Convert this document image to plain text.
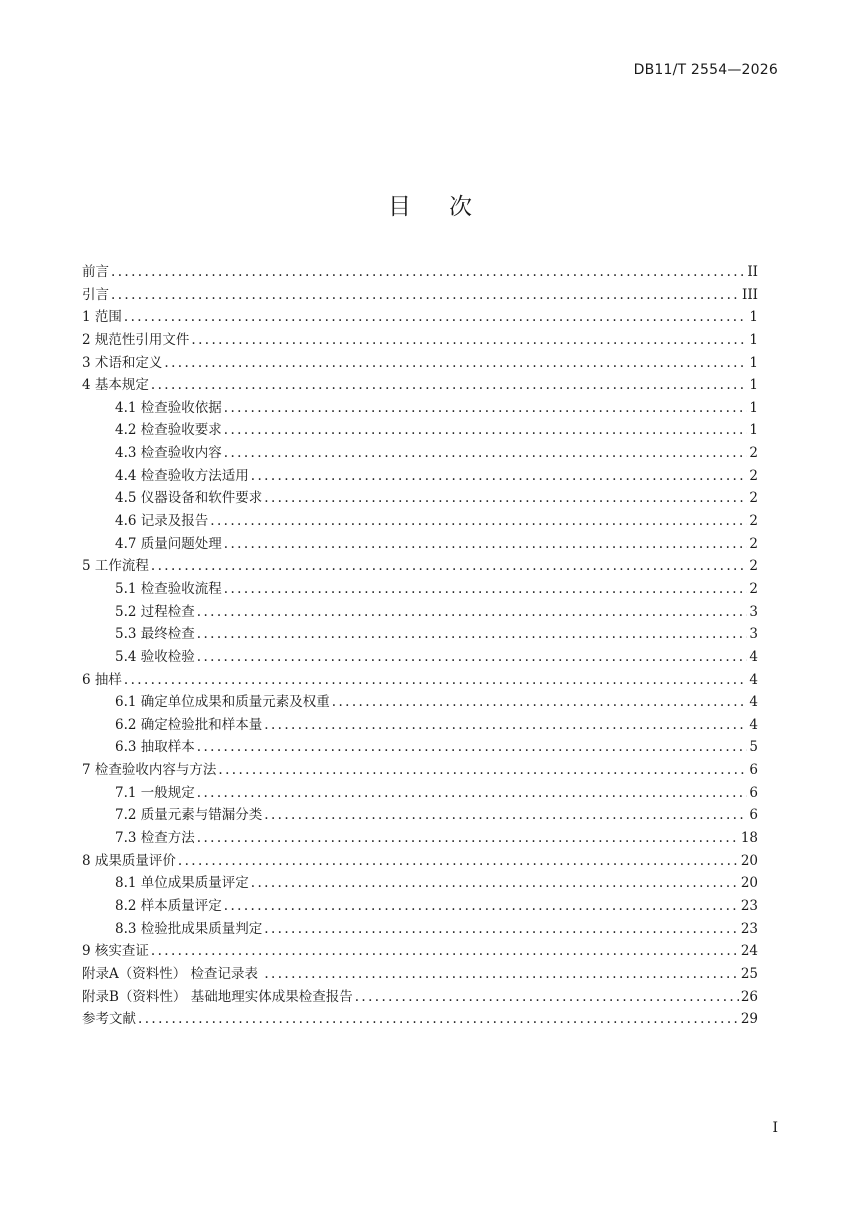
DB11/T 2554—2026
目次
前言 .....	II
引言 .....	III
1 范围 .....	1
2 规范性引用文件 .....	1
3 术语和定义 .....	1
4 基本规定 .....	1
4.1 检查验收依据 .....	1
4.2 检查验收要求 .....	1
4.3 检查验收内容 .....	2
4.4 检查验收方法适用 .....	2
4.5 仪器设备和软件要求 .....	2
4.6 记录及报告 .....	2
4.7 质量问题处理 .....	2
5 工作流程 .....	2
5.1 检查验收流程 .....	2
5.2 过程检查 .....	3
5.3 最终检查 .....	3
5.4 验收检验 .....	4
6 抽样 .....	4
6.1 确定单位成果和质量元素及权重 .....	4
6.2 确定检验批和样本量 .....	4
6.3 抽取样本 .....	5
7 检查验收内容与方法 .....	6
7.1 一般规定 .....	6
7.2 质量元素与错漏分类 .....	6
7.3 检查方法 .....	18
8 成果质量评价 .....	20
8.1 单位成果质量评定 .....	20
8.2 样本质量评定 .....	23
8.3 检验批成果质量判定 .....	23
9 核实查证 .....	24
附录A（资料性） 检查记录表 .....	25
附录B（资料性） 基础地理实体成果检查报告 .....	26
参考文献 .....	29
I
